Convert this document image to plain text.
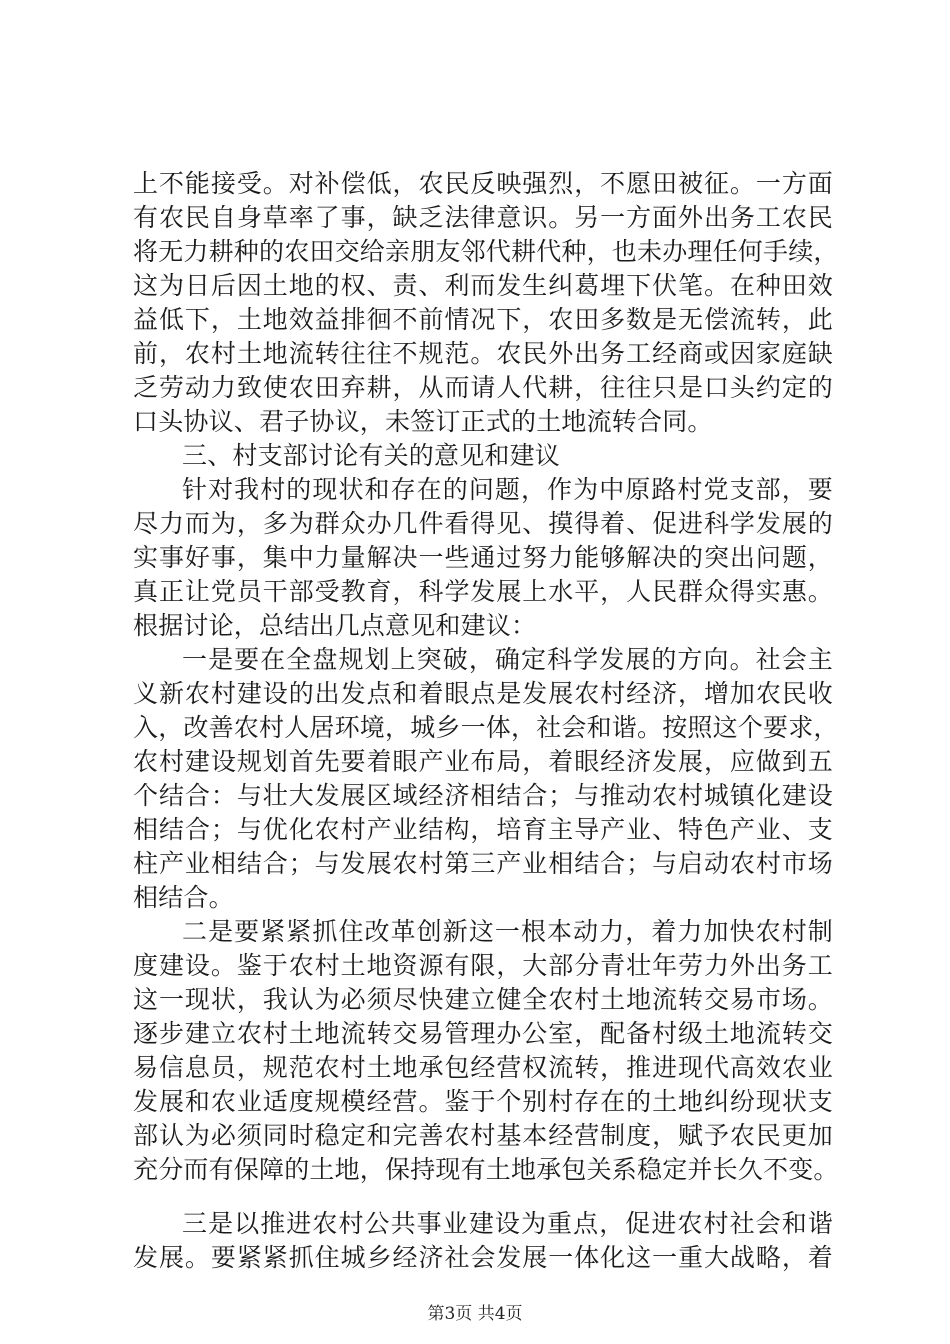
上不能接受。对补偿低，农民反映强烈，不愿田被征。一方面
有农民自身草率了事，缺乏法律意识。另一方面外出务工农民
将无力耕种的农田交给亲朋友邻代耕代种，也未办理任何手续，
这为日后因土地的权、责、利而发生纠葛埋下伏笔。在种田效
益低下，土地效益排徊不前情况下，农田多数是无偿流转，此
前，农村土地流转往往不规范。农民外出务工经商或因家庭缺
乏劳动力致使农田弃耕，从而请人代耕，往往只是口头约定的
口头协议、君子协议，未签订正式的土地流转合同。
三、村支部讨论有关的意见和建议
针对我村的现状和存在的问题，作为中原路村党支部，要
尽力而为，多为群众办几件看得见、摸得着、促进科学发展的
实事好事，集中力量解决一些通过努力能够解决的突出问题，
真正让党员干部受教育，科学发展上水平，人民群众得实惠。
根据讨论，总结出几点意见和建议：
一是要在全盘规划上突破，确定科学发展的方向。社会主
义新农村建设的出发点和着眼点是发展农村经济，增加农民收
入，改善农村人居环境，城乡一体，社会和谐。按照这个要求，
农村建设规划首先要着眼产业布局，着眼经济发展，应做到五
个结合：与壮大发展区域经济相结合；与推动农村城镇化建设
相结合；与优化农村产业结构，培育主导产业、特色产业、支
柱产业相结合；与发展农村第三产业相结合；与启动农村市场
相结合。
二是要紧紧抓住改革创新这一根本动力，着力加快农村制
度建设。鉴于农村土地资源有限，大部分青壮年劳力外出务工
这一现状，我认为必须尽快建立健全农村土地流转交易市场。
逐步建立农村土地流转交易管理办公室，配备村级土地流转交
易信息员，规范农村土地承包经营权流转，推进现代高效农业
发展和农业适度规模经营。鉴于个别村存在的土地纠纷现状支
部认为必须同时稳定和完善农村基本经营制度，赋予农民更加
充分而有保障的土地，保持现有土地承包关系稳定并长久不变。
三是以推进农村公共事业建设为重点，促进农村社会和谐
发展。要紧紧抓住城乡经济社会发展一体化这一重大战略，着
第3页 共4页
